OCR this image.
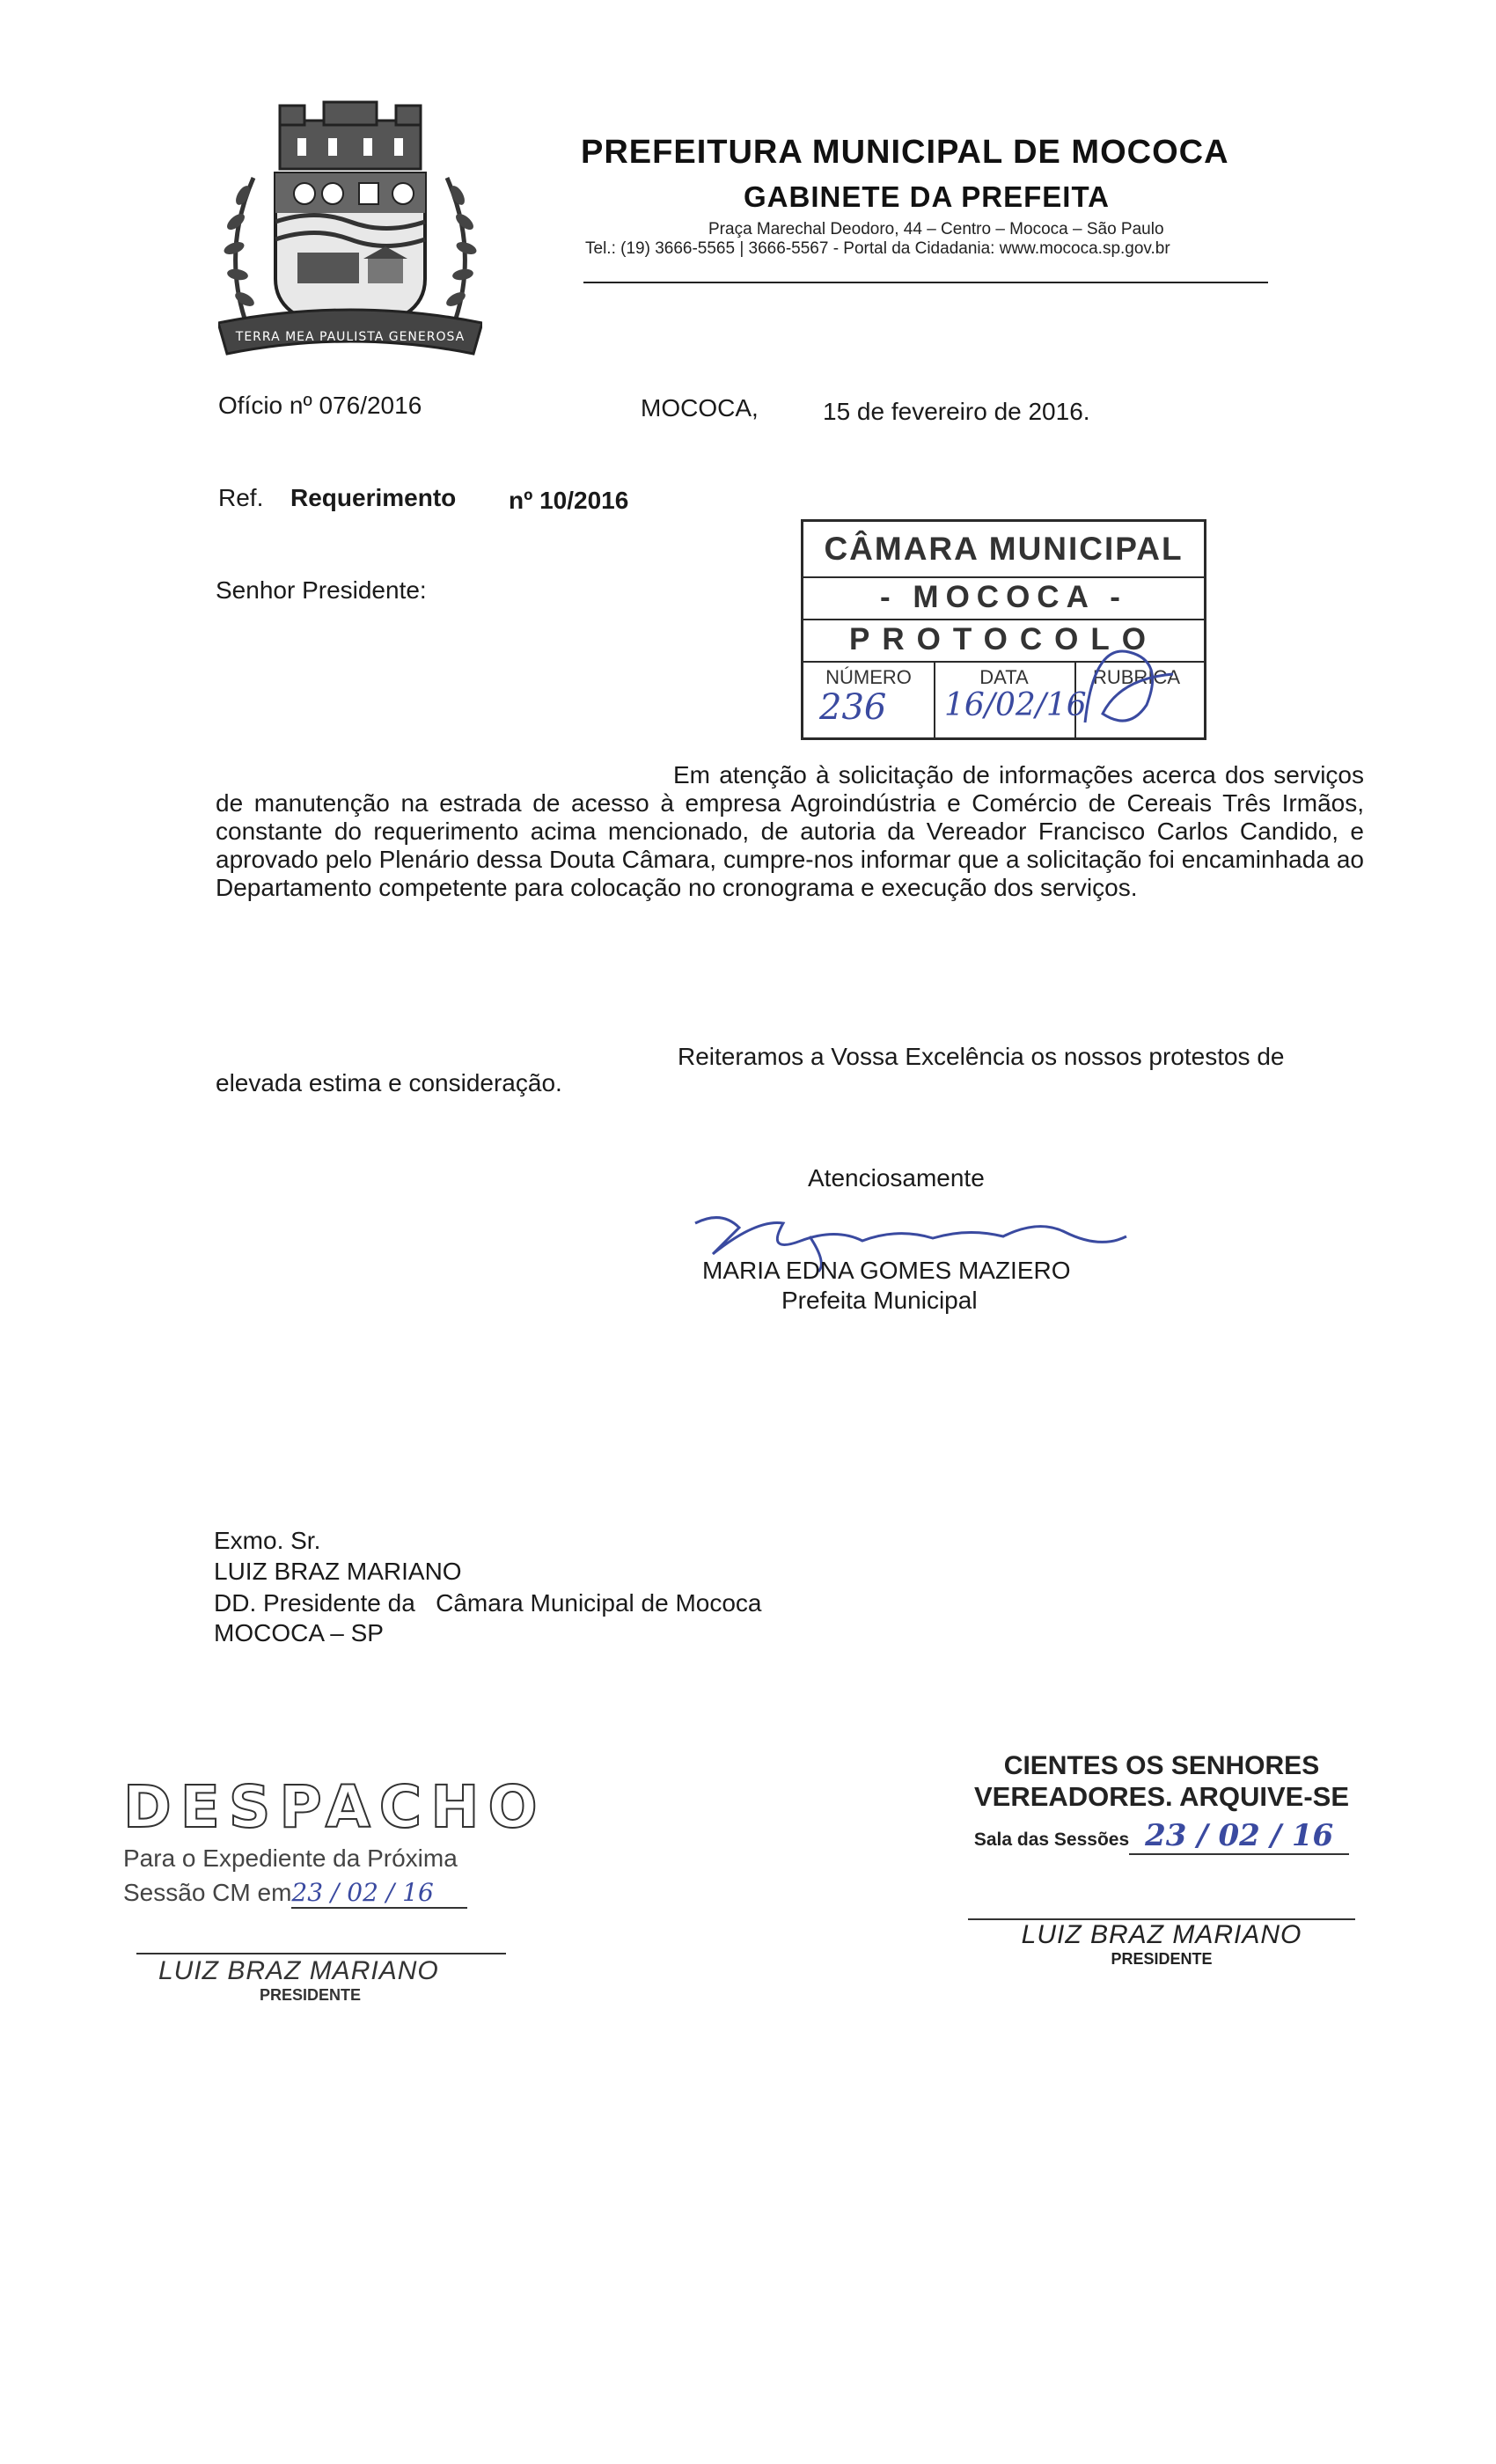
TERRA MEA PAULISTA GENEROSA
PREFEITURA MUNICIPAL DE MOCOCA
GABINETE DA PREFEITA
Praça Marechal Deodoro, 44 – Centro – Mococa – São Paulo
Tel.: (19) 3666-5565 | 3666-5567 - Portal da Cidadania: www.mococa.sp.gov.br
Ofício nº 076/2016	MOCOCA,	15 de fevereiro de 2016.
Ref. Requerimento nº 10/2016
Senhor Presidente:
CÂMARA MUNICIPAL
- MOCOCA -
PROTOCOLO
NÚMERO	DATA	RUBRICA
236 16/02/16
Em atenção à solicitação de informações acerca dos serviços de manutenção na estrada de acesso à empresa Agroindústria e Comércio de Cereais Três Irmãos, constante do requerimento acima mencionado, de autoria da Vereador Francisco Carlos Candido, e aprovado pelo Plenário dessa Douta Câmara, cumpre-nos informar que a solicitação foi encaminhada ao Departamento competente para colocação no cronograma e execução dos serviços.
Reiteramos a Vossa Excelência os nossos protestos de
elevada estima e consideração.
Atenciosamente
MARIA EDNA GOMES MAZIERO
Prefeita Municipal
Exmo. Sr.
LUIZ BRAZ MARIANO
DD. Presidente da   Câmara Municipal de Mococa
MOCOCA – SP
DESPACHO
Para o Expediente da Próxima
Sessão CM em23 / 02 / 16
LUIZ BRAZ MARIANO
PRESIDENTE
CIENTES OS SENHORES
VEREADORES. ARQUIVE-SE
Sala das Sessões 23 / 02 / 16
LUIZ BRAZ MARIANO
PRESIDENTE
